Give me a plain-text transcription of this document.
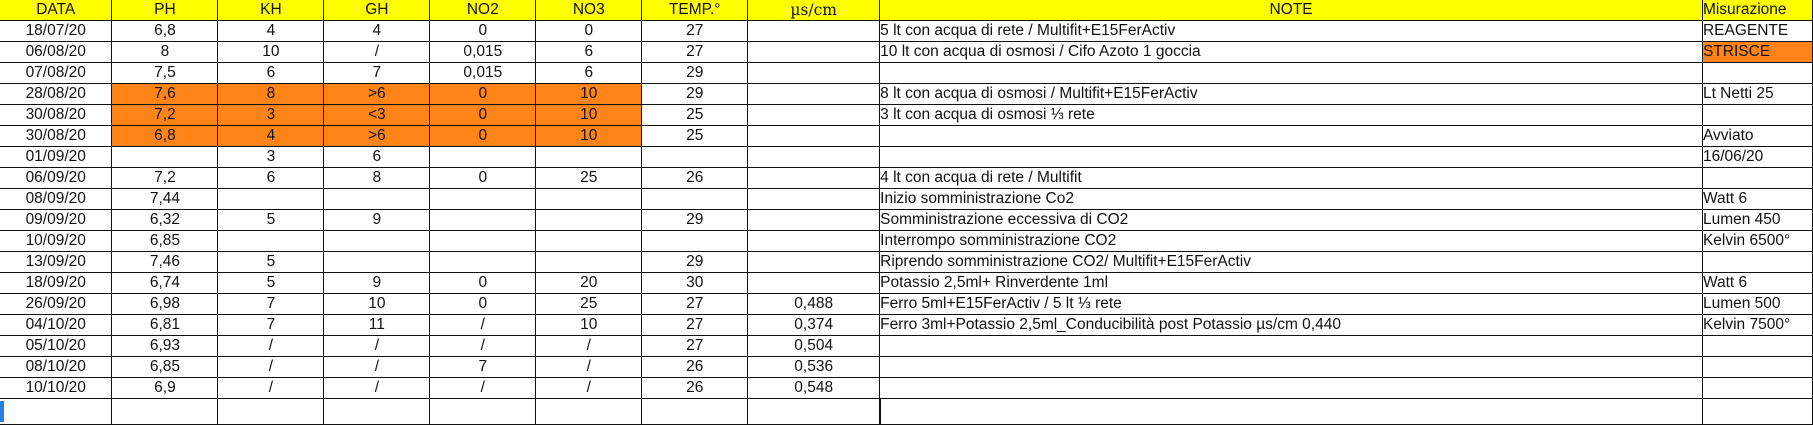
DATA	PH	KH	GH	NO2	NO3	TEMP.°	µs/cm	NOTE	Misurazione
18/07/20	6,8	4	4	0	0	27		5 lt con acqua di rete / Multifit+E15FerActiv	REAGENTE
06/08/20	8	10	/	0,015	6	27		10 lt con acqua di osmosi / Cifo Azoto 1 goccia	STRISCE
07/08/20	7,5	6	7	0,015	6	29			
28/08/20	7,6	8	>6	0	10	29		8 lt con acqua di osmosi / Multifit+E15FerActiv	Lt Netti 25
30/08/20	7,2	3	<3	0	10	25		3 lt con acqua di osmosi ⅓ rete	
30/08/20	6,8	4	>6	0	10	25			Avviato
01/09/20		3	6						16/06/20
06/09/20	7,2	6	8	0	25	26		4 lt con acqua di rete / Multifit	
08/09/20	7,44							Inizio somministrazione Co2	Watt 6
09/09/20	6,32	5	9			29		Somministrazione eccessiva di CO2	Lumen 450
10/09/20	6,85							Interrompo somministrazione CO2	Kelvin 6500°
13/09/20	7,46	5				29		Riprendo somministrazione CO2/ Multifit+E15FerActiv	
18/09/20	6,74	5	9	0	20	30		Potassio 2,5ml+ Rinverdente 1ml	Watt 6
26/09/20	6,98	7	10	0	25	27	0,488	Ferro 5ml+E15FerActiv / 5 lt ⅓ rete	Lumen 500
04/10/20	6,81	7	11	/	10	27	0,374	Ferro 3ml+Potassio 2,5ml_Conducibilità post Potassio µs/cm 0,440	Kelvin 7500°
05/10/20	6,93	/	/	/	/	27	0,504		
08/10/20	6,85	/	/	7	/	26	0,536		
10/10/20	6,9	/	/	/	/	26	0,548		
